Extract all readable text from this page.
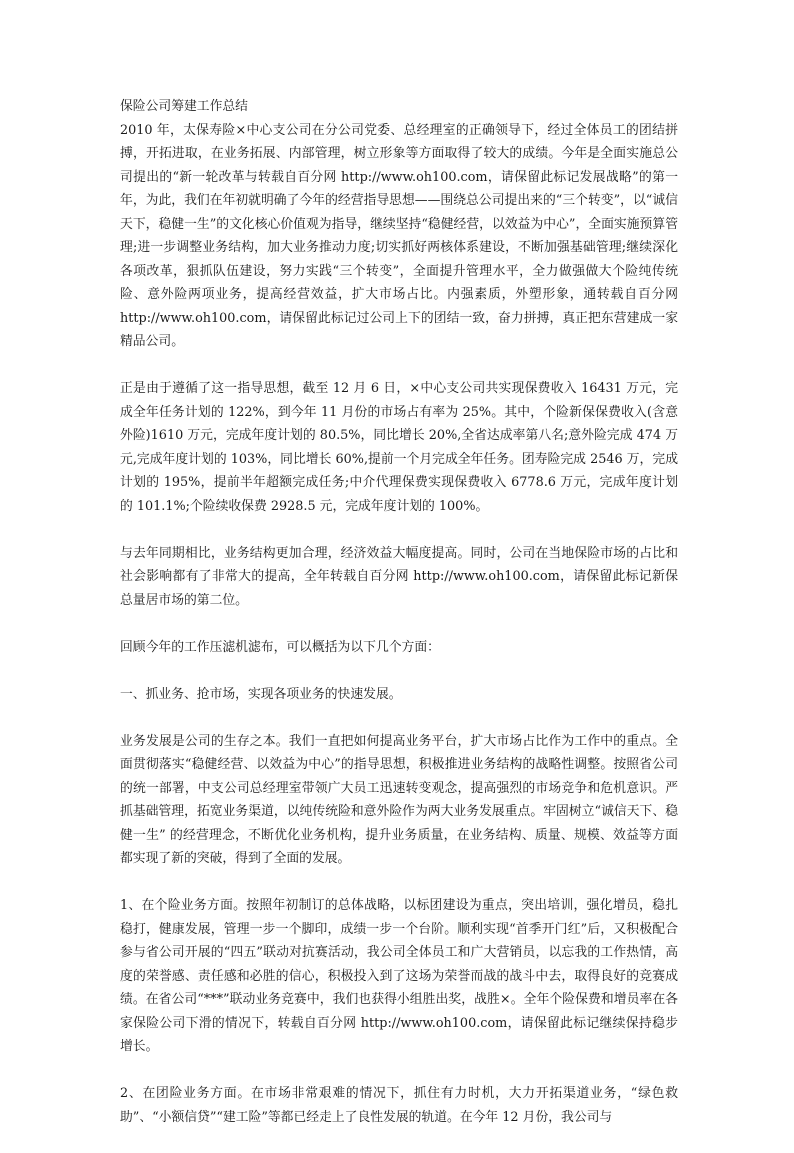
保险公司筹建工作总结

2010 年，太保寿险×中心支公司在分公司党委、总经理室的正确领导下，经过全体员工的团结拼搏，开拓进取，在业务拓展、内部管理，树立形象等方面取得了较大的成绩。今年是全面实施总公司提出的“新一轮改革与转载自百分网 http://www.oh100.com，请保留此标记发展战略”的第一年，为此，我们在年初就明确了今年的经营指导思想——围绕总公司提出来的“三个转变”，以“诚信天下，稳健一生”的文化核心价值观为指导，继续坚持“稳健经营，以效益为中心”，全面实施预算管理;进一步调整业务结构，加大业务推动力度;切实抓好两核体系建设，不断加强基础管理;继续深化各项改革，狠抓队伍建设，努力实践“三个转变”，全面提升管理水平，全力做强做大个险纯传统险、意外险两项业务，提高经营效益，扩大市场占比。内强素质，外塑形象，通转载自百分网 http://www.oh100.com，请保留此标记过公司上下的团结一致，奋力拼搏，真正把东营建成一家精品公司。

正是由于遵循了这一指导思想，截至 12 月 6 日，×中心支公司共实现保费收入 16431 万元，完成全年任务计划的 122%，到今年 11 月份的市场占有率为 25%。其中，个险新保保费收入(含意外险)1610 万元，完成年度计划的 80.5%，同比增长 20%,全省达成率第八名;意外险完成 474 万元,完成年度计划的 103%，同比增长 60%,提前一个月完成全年任务。团寿险完成 2546 万，完成计划的 195%，提前半年超额完成任务;中介代理保费实现保费收入 6778.6 万元，完成年度计划的 101.1%;个险续收保费 2928.5 元，完成年度计划的 100%。

与去年同期相比，业务结构更加合理，经济效益大幅度提高。同时，公司在当地保险市场的占比和社会影响都有了非常大的提高，全年转载自百分网 http://www.oh100.com，请保留此标记新保总量居市场的第二位。

回顾今年的工作压滤机滤布，可以概括为以下几个方面：

一、抓业务、抢市场，实现各项业务的快速发展。

业务发展是公司的生存之本。我们一直把如何提高业务平台，扩大市场占比作为工作中的重点。全面贯彻落实“稳健经营、以效益为中心”的指导思想，积极推进业务结构的战略性调整。按照省公司的统一部署，中支公司总经理室带领广大员工迅速转变观念，提高强烈的市场竞争和危机意识。严抓基础管理，拓宽业务渠道，以纯传统险和意外险作为两大业务发展重点。牢固树立“诚信天下、稳健一生” 的经营理念，不断优化业务机构，提升业务质量，在业务结构、质量、规模、效益等方面都实现了新的突破，得到了全面的发展。

1、在个险业务方面。按照年初制订的总体战略，以标团建设为重点，突出培训，强化增员，稳扎稳打，健康发展，管理一步一个脚印，成绩一步一个台阶。顺利实现“首季开门红”后，又积极配合参与省公司开展的“四五”联动对抗赛活动，我公司全体员工和广大营销员，以忘我的工作热情，高度的荣誉感、责任感和必胜的信心，积极投入到了这场为荣誉而战的战斗中去，取得良好的竞赛成绩。在省公司“***”联动业务竞赛中，我们也获得小组胜出奖，战胜×。全年个险保费和增员率在各家保险公司下滑的情况下，转载自百分网 http://www.oh100.com，请保留此标记继续保持稳步增长。

2、在团险业务方面。在市场非常艰难的情况下，抓住有力时机，大力开拓渠道业务，“绿色救助”、“小额信贷”“建工险”等都已经走上了良性发展的轨道。在今年 12 月份，我公司与
